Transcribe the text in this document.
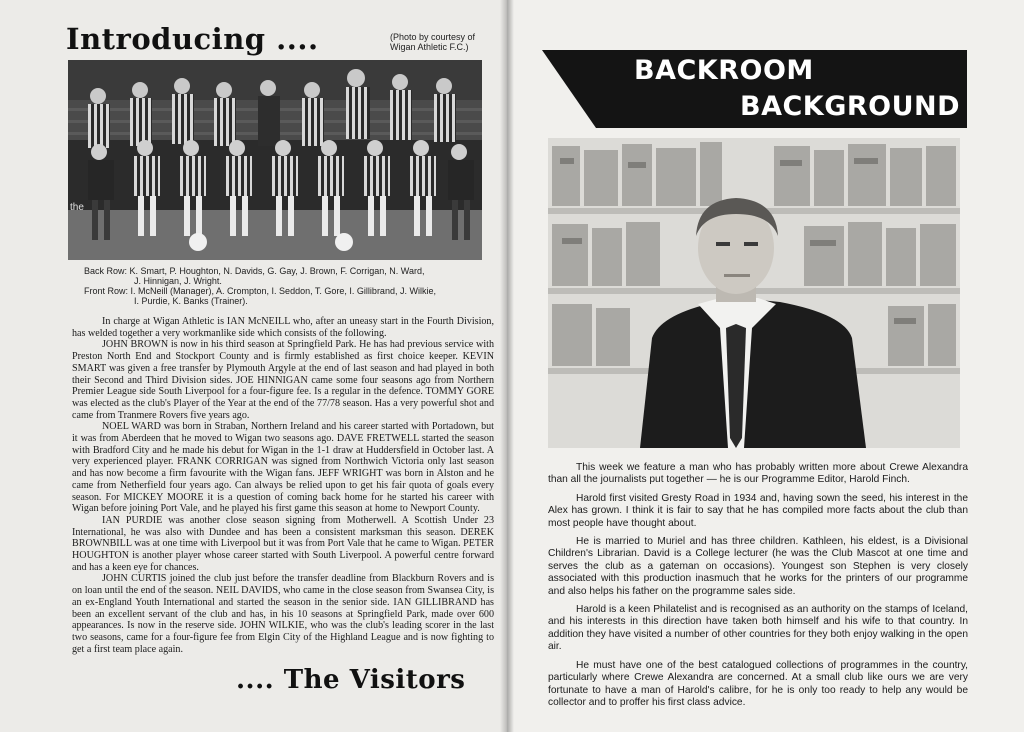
Introducing ....	(Photo by courtesy of
Wigan Athletic F.C.)
the
Back Row: K. Smart, P. Houghton, N. Davids, G. Gay, J. Brown, F. Corrigan, N. Ward,
J. Hinnigan, J. Wright.
Front Row: I. McNeill (Manager), A. Crompton, I. Seddon, T. Gore, I. Gillibrand, J. Wilkie,
I. Purdie, K. Banks (Trainer).

In charge at Wigan Athletic is IAN McNEILL who, after an uneasy start in the Fourth Division, has welded together a very workmanlike side which consists of the following.

JOHN BROWN is now in his third season at Springfield Park. He has had previous service with Preston North End and Stockport County and is firmly established as first choice keeper. KEVIN SMART was given a free transfer by Plymouth Argyle at the end of last season and had played in both their Second and Third Division sides. JOE HINNIGAN came some four seasons ago from Northern Premier League side South Liverpool for a four-figure fee. Is a regular in the defence. TOMMY GORE was elected as the club's Player of the Year at the end of the 77/78 season. Has a very powerful shot and came from Tranmere Rovers five years ago.

NOEL WARD was born in Straban, Northern Ireland and his career started with Portadown, but it was from Aberdeen that he moved to Wigan two seasons ago. DAVE FRETWELL started the season with Bradford City and he made his debut for Wigan in the 1-1 draw at Huddersfield in October last. A very experienced player. FRANK CORRIGAN was signed from Northwich Victoria only last season and has now become a firm favourite with the Wigan fans. JEFF WRIGHT was born in Alston and he came from Netherfield four years ago. Can always be relied upon to get his fair quota of goals every season. For MICKEY MOORE it is a question of coming back home for he started his career with Wigan before joining Port Vale, and he played his first game this season at home to Newport County.

IAN PURDIE was another close season signing from Motherwell. A Scottish Under 23 International, he was also with Dundee and has been a consistent marksman this season. DEREK BROWNBILL was at one time with Liverpool but it was from Port Vale that he came to Wigan. PETER HOUGHTON is another player whose career started with South Liverpool. A powerful centre forward and has a keen eye for chances.

JOHN CURTIS joined the club just before the transfer deadline from Blackburn Rovers and is on loan until the end of the season. NEIL DAVIDS, who came in the close season from Swansea City, is an ex-England Youth International and started the season in the senior side. IAN GILLIBRAND has been an excellent servant of the club and has, in his 10 seasons at Springfield Park, made over 600 appearances. Is now in the reserve side. JOHN WILKIE, who was the club's leading scorer in the last two seasons, came for a four-figure fee from Elgin City of the Highland League and is now fighting to get a first team place again.

.... The Visitors
BACKROOM
BACKGROUND

This week we feature a man who has probably written more about Crewe Alexandra than all the journalists put together — he is our Programme Editor, Harold Finch.

Harold first visited Gresty Road in 1934 and, having sown the seed, his interest in the Alex has grown. I think it is fair to say that he has compiled more facts about the club than most people have thought about.

He is married to Muriel and has three children. Kathleen, his eldest, is a Divisional Children's Librarian. David is a College lecturer (he was the Club Mascot at one time and serves the club as a gateman on occasions). Youngest son Stephen is very closely associated with this production inasmuch that he works for the printers of our programme and also helps his father on the programme sales side.

Harold is a keen Philatelist and is recognised as an authority on the stamps of Iceland, and his interests in this direction have taken both himself and his wife to that country. In addition they have visited a number of other countries for they both enjoy walking in the open air.

He must have one of the best catalogued collections of programmes in the country, particularly where Crewe Alexandra are concerned. At a small club like ours we are very fortunate to have a man of Harold's calibre, for he is only too ready to help any would be collector and to proffer his first class advice.
